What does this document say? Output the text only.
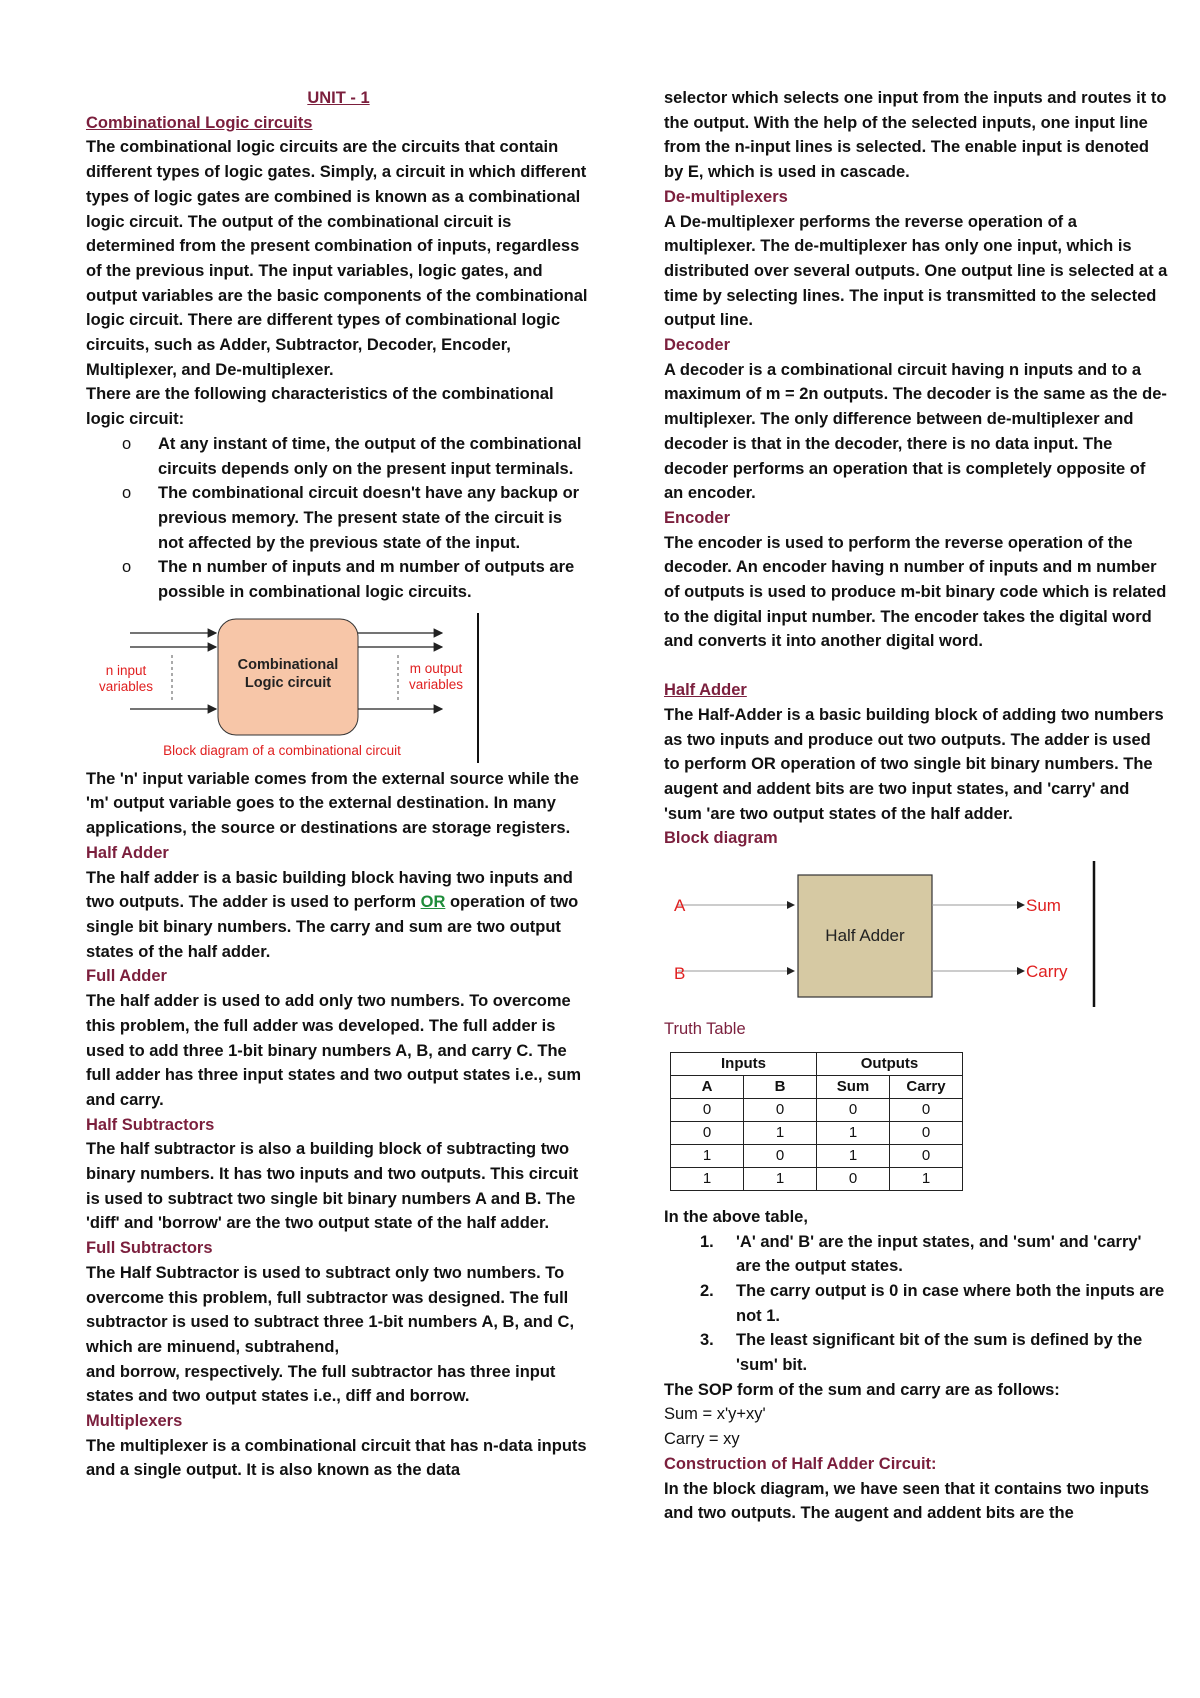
UNIT - 1

Combinational Logic circuits

The combinational logic circuits are the circuits that contain different types of logic gates. Simply, a circuit in which different types of logic gates are combined is known as a combinational logic circuit. The output of the combinational circuit is determined from the present combination of inputs, regardless of the previous input. The input variables, logic gates, and output variables are the basic components of the combinational logic circuit. There are different types of combinational logic circuits, such as Adder, Subtractor, Decoder, Encoder, Multiplexer, and De-multiplexer.

There are the following characteristics of the combinational logic circuit:

o At any instant of time, the output of the combinational circuits depends only on the present input terminals.
o The combinational circuit doesn't have any backup or previous memory. The present state of the circuit is not affected by the previous state of the input.
o The n number of inputs and m number of outputs are possible in combinational logic circuits.
Combinational
Logic circuit
n input
variables
m output
variables
Block diagram of a combinational circuit

The 'n' input variable comes from the external source while the 'm' output variable goes to the external destination. In many applications, the source or destinations are storage registers.

Half Adder

The half adder is a basic building block having two inputs and two outputs. The adder is used to perform OR operation of two single bit binary numbers. The carry and sum are two output states of the half adder.

Full Adder

The half adder is used to add only two numbers. To overcome this problem, the full adder was developed. The full adder is used to add three 1-bit binary numbers A, B, and carry C. The full adder has three input states and two output states i.e., sum and carry.

Half Subtractors

The half subtractor is also a building block of subtracting two binary numbers. It has two inputs and two outputs. This circuit is used to subtract two single bit binary numbers A and B. The 'diff' and 'borrow' are the two output state of the half adder.

Full Subtractors

The Half Subtractor is used to subtract only two numbers. To overcome this problem, full subtractor was designed. The full subtractor is used to subtract three 1-bit numbers A, B, and C, which are minuend, subtrahend,

and borrow, respectively. The full subtractor has three input states and two output states i.e., diff and borrow.

Multiplexers

The multiplexer is a combinational circuit that has n-data inputs and a single output. It is also known as the data

selector which selects one input from the inputs and routes it to the output. With the help of the selected inputs, one input line from the n-input lines is selected. The enable input is denoted by E, which is used in cascade.

De-multiplexers

A De-multiplexer performs the reverse operation of a multiplexer. The de-multiplexer has only one input, which is distributed over several outputs. One output line is selected at a time by selecting lines. The input is transmitted to the selected output line.

Decoder

A decoder is a combinational circuit having n inputs and to a maximum of m = 2n outputs. The decoder is the same as the de-multiplexer. The only difference between de-multiplexer and decoder is that in the decoder, there is no data input. The decoder performs an operation that is completely opposite of an encoder.

Encoder

The encoder is used to perform the reverse operation of the decoder. An encoder having n number of inputs and m number of outputs is used to produce m-bit binary code which is related to the digital input number. The encoder takes the digital word and converts it into another digital word.

Half Adder

The Half-Adder is a basic building block of adding two numbers as two inputs and produce out two outputs. The adder is used to perform OR operation of two single bit binary numbers. The augent and addent bits are two input states, and 'carry' and 'sum 'are two output states of the half adder.

Block diagram

A
B
Half Adder
Sum
Carry

Truth Table

Inputs		Outputs	
A	B	Sum	Carry
0	0	0	0
0	1	1	0
1	0	1	0
1	1	0	1

In the above table,

1. 'A' and' B' are the input states, and 'sum' and 'carry' are the output states.
2. The carry output is 0 in case where both the inputs are not 1.
3. The least significant bit of the sum is defined by the 'sum' bit.

The SOP form of the sum and carry are as follows:

Sum = x'y+xy'

Carry = xy

Construction of Half Adder Circuit:

In the block diagram, we have seen that it contains two inputs and two outputs. The augent and addent bits are the
